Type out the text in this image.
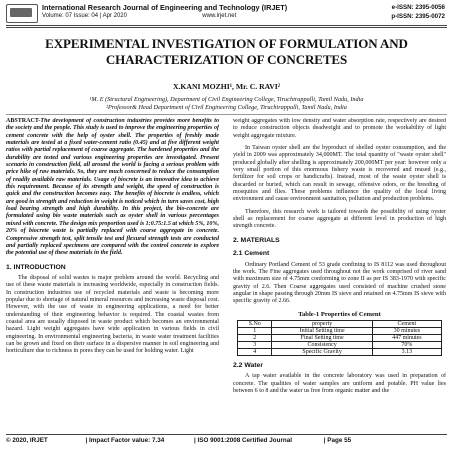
International Research Journal of Engineering and Technology (IRJET)
Volume: 07 Issue: 04 | Apr 2020	www.irjet.net
e-ISSN: 2395-0056
p-ISSN: 2395-0072
EXPERIMENTAL INVESTIGATION OF FORMULATION AND CHARACTERIZATION OF CONCRETES
X.KANI MOZHI¹, Mr. C. RAVI²
¹M. E (Structural Engineering), Department of Civil Engineering College, Tiruchirappalli, Tamil Nadu, India
²Professor& Head Department of Civil Engineering College, Tiruchirappalli, Tamil Nadu, India
ABSTRACT-The development of construction industries provides more benefits to the society and the people. This study is used to improve the engineering properties of cement concrete with the help of oyster shell. The properties of freshly made materials are tested at a fixed water-cement ratio (0.45) and at five different weight ratios with partial replacement of coarse aggregate. The hardened properties and the durability are tested and various engineering properties are investigated. Present scenario in construction field, all around the world is facing a serious problem with price hike of raw materials. So, they are much concerned to reduce the consumption of readily available raw materials. Usage of biocrete is an innovative idea to achieve this requirement. Because of its strength and weight, the speed of construction is quick and the construction becomes easy. The benefits of biocrete is endless, which are good in strength and reduction in weight is noticed which in turn saves cost, high load bearing strength and high durability. In this project, the bio-concrete are formulated using bio waste materials such as oyster shell in various percentages mixed with concrete. The design mix proportion used is 1:0.75:1.5 at which 5%, 10%, 20% of biocrete waste is partially replaced with coarse aggregate in concrete. Compressive strength test, split tensile test and flexural strength tests are conducted and partially replaced specimens are compared with the control concrete to explore the potential use of these materials in the field.
1. INTRODUCTION

The disposal of solid wastes is major problem around the world. Recycling and use of these waste materials is increasing worldwide, especially in construction fields. In construction industries use of recycled materials and waste is becoming more popular due to shortage of natural mineral resources and increasing waste disposal cost. However, with the use of waste in engineering applications, a need for better understanding of their engineering behavior is required. The coastal wastes from coastal area are usually disposed in waste product which becomes an environmental hazard. Light weight aggregates have wide application in various fields in civil engineering. In environmental engineering bacteria, in waste water treatment facilities can be grown and fixed on their surface in a dispersive manner in soil engineering and horticulture due to richness in pores they can be used for holding water. Light

weight aggregates with low density and water absorption rate, respectively are desired to reduce construction objects deadweight and to promote the workability of light weight aggregate mixture.

In Taiwan oyster shell are the byproduct of shelled oyster consumption, and the yield in 2009 was approximately 34,000MT. The total quantity of "waste oyster shell" produced globally after shelling is approximately 200,000MT per year: however only a very small portion of this enormous fishery waste is recovered and reused (e.g., fertilizer for soil crops or handicrafts). Instead, most of the waste oyster shell is discarded or buried, which can result in sewage, offensive odors, or the breeding of mosquitos and flies. These problems influence the quality of the local living environment and cause environment sanitation, pollution and production problems.

Therefore, this research work is tailored towards the possibility of using oyster shell as replacement for coarse aggregate at different level in production of high strength concrete.

2. MATERIALS
2.1 Cement

Ordinary Portland Cement of 53 grade confining to IS 8112 was used throughout the work. The Fine aggregates used throughout not the work comprised of river sand with maximum size of 4.75mm conforming to zone II as per IS 383-1970 with specific gravity of 2.6. Then Coarse aggregates used consisted of machine crushed stone angular in shape passing through 20mm IS sieve and retained on 4.75mm IS sieve with specific gravity of 2.66.

Table-1 Properties of Cement
S.No	property	Cement
1	Initial Setting time	30 minutes
2	Final Setting time	447 minutes
3	Consistency	70%
4	Specific Gravity	3.13
2.2 Water

A tap water available in the concrete laboratory was used in preparation of concrete. The qualities of water samples are uniform and potable. PH value lies between 6 to 8 and the water us free from organic matter and the

© 2020, IRJET	| Impact Factor value: 7.34	| ISO 9001:2008 Certified Journal	| Page 55
